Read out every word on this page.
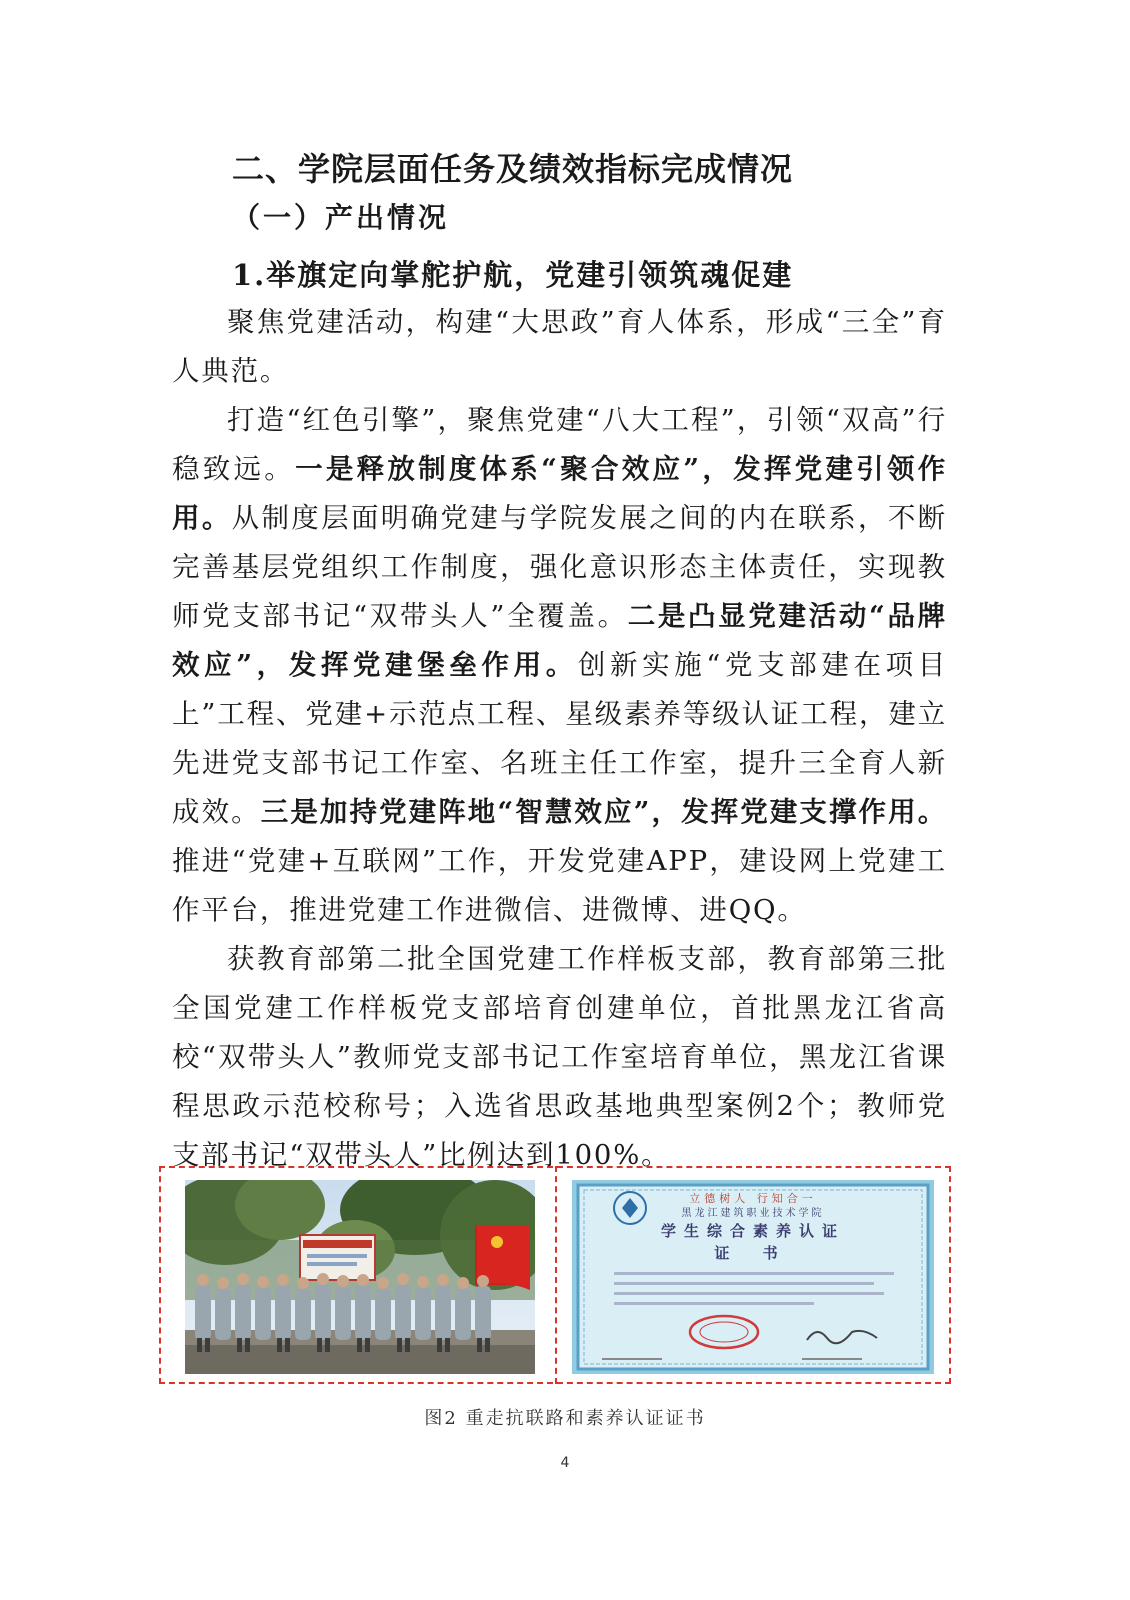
二、学院层面任务及绩效指标完成情况
（一）产出情况
1.举旗定向掌舵护航，党建引领筑魂促建

聚焦党建活动，构建“大思政”育人体系，形成“三全”育人典范。

打造“红色引擎”，聚焦党建“八大工程”，引领“双高”行稳致远。一是释放制度体系“聚合效应”，发挥党建引领作用。从制度层面明确党建与学院发展之间的内在联系，不断完善基层党组织工作制度，强化意识形态主体责任，实现教师党支部书记“双带头人”全覆盖。二是凸显党建活动“品牌效应”，发挥党建堡垒作用。创新实施“党支部建在项目上”工程、党建+示范点工程、星级素养等级认证工程，建立先进党支部书记工作室、名班主任工作室，提升三全育人新成效。三是加持党建阵地“智慧效应”，发挥党建支撑作用。推进“党建+互联网”工作，开发党建APP，建设网上党建工作平台，推进党建工作进微信、进微博、进QQ。

获教育部第二批全国党建工作样板支部，教育部第三批全国党建工作样板党支部培育创建单位，首批黑龙江省高校“双带头人”教师党支部书记工作室培育单位，黑龙江省课程思政示范校称号；入选省思政基地典型案例2个；教师党支部书记“双带头人”比例达到100%。

立德树人 行知合一
黑龙江建筑职业技术学院
学生综合素养认证
证 书
图2 重走抗联路和素养认证证书
4
